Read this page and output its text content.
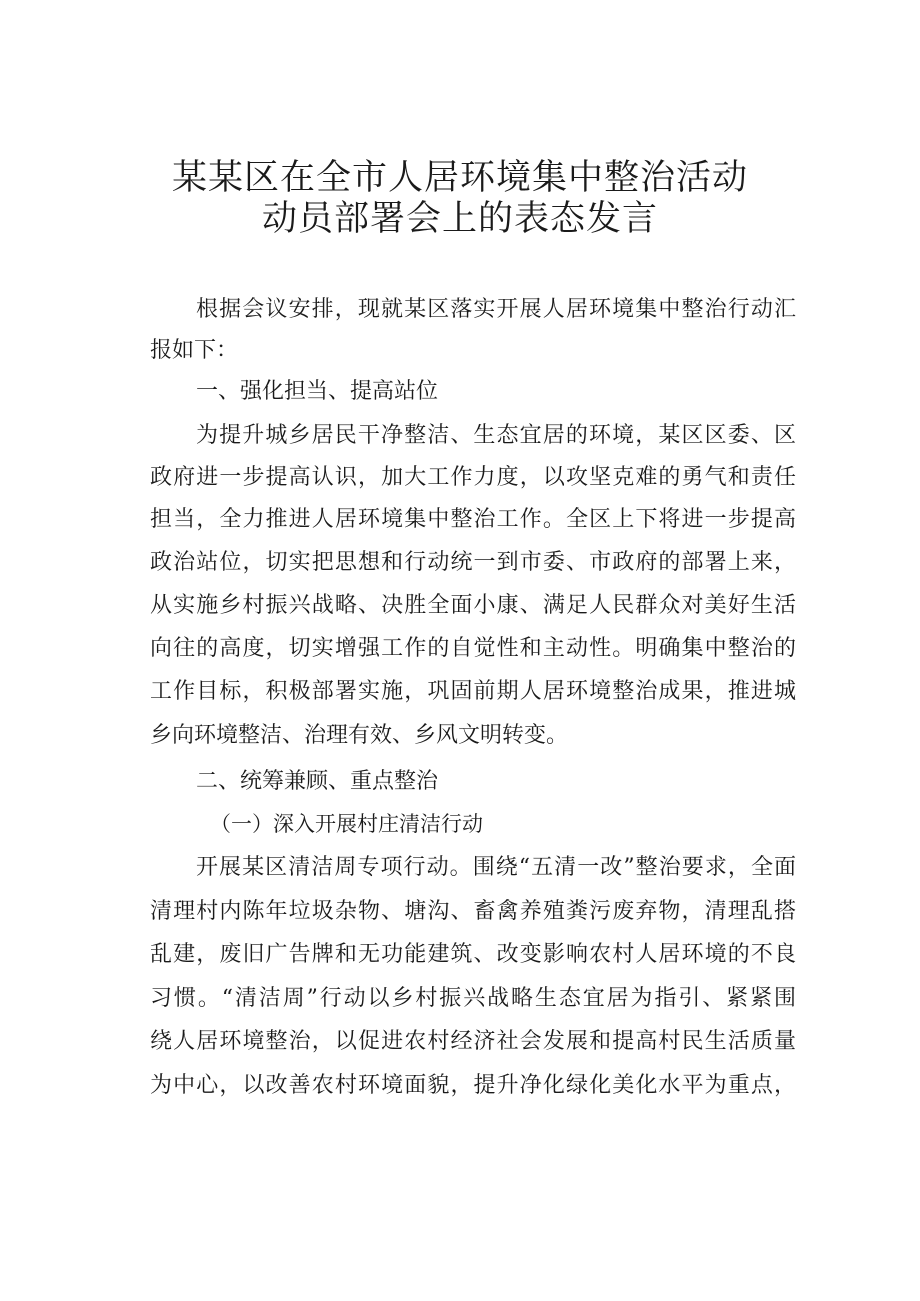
某某区在全市人居环境集中整治活动
动员部署会上的表态发言
根据会议安排，现就某区落实开展人居环境集中整治行动汇
报如下：
一、强化担当、提高站位
为提升城乡居民干净整洁、生态宜居的环境，某区区委、区
政府进一步提高认识，加大工作力度，以攻坚克难的勇气和责任
担当，全力推进人居环境集中整治工作。全区上下将进一步提高
政治站位，切实把思想和行动统一到市委、市政府的部署上来，
从实施乡村振兴战略、决胜全面小康、满足人民群众对美好生活
向往的高度，切实增强工作的自觉性和主动性。明确集中整治的
工作目标，积极部署实施，巩固前期人居环境整治成果，推进城
乡向环境整洁、治理有效、乡风文明转变。
二、统筹兼顾、重点整治
（一）深入开展村庄清洁行动
开展某区清洁周专项行动。围绕“五清一改”整治要求，全面
清理村内陈年垃圾杂物、塘沟、畜禽养殖粪污废弃物，清理乱搭
乱建，废旧广告牌和无功能建筑、改变影响农村人居环境的不良
习惯。“清洁周”行动以乡村振兴战略生态宜居为指引、紧紧围
绕人居环境整治，以促进农村经济社会发展和提高村民生活质量
为中心，以改善农村环境面貌，提升净化绿化美化水平为重点，
